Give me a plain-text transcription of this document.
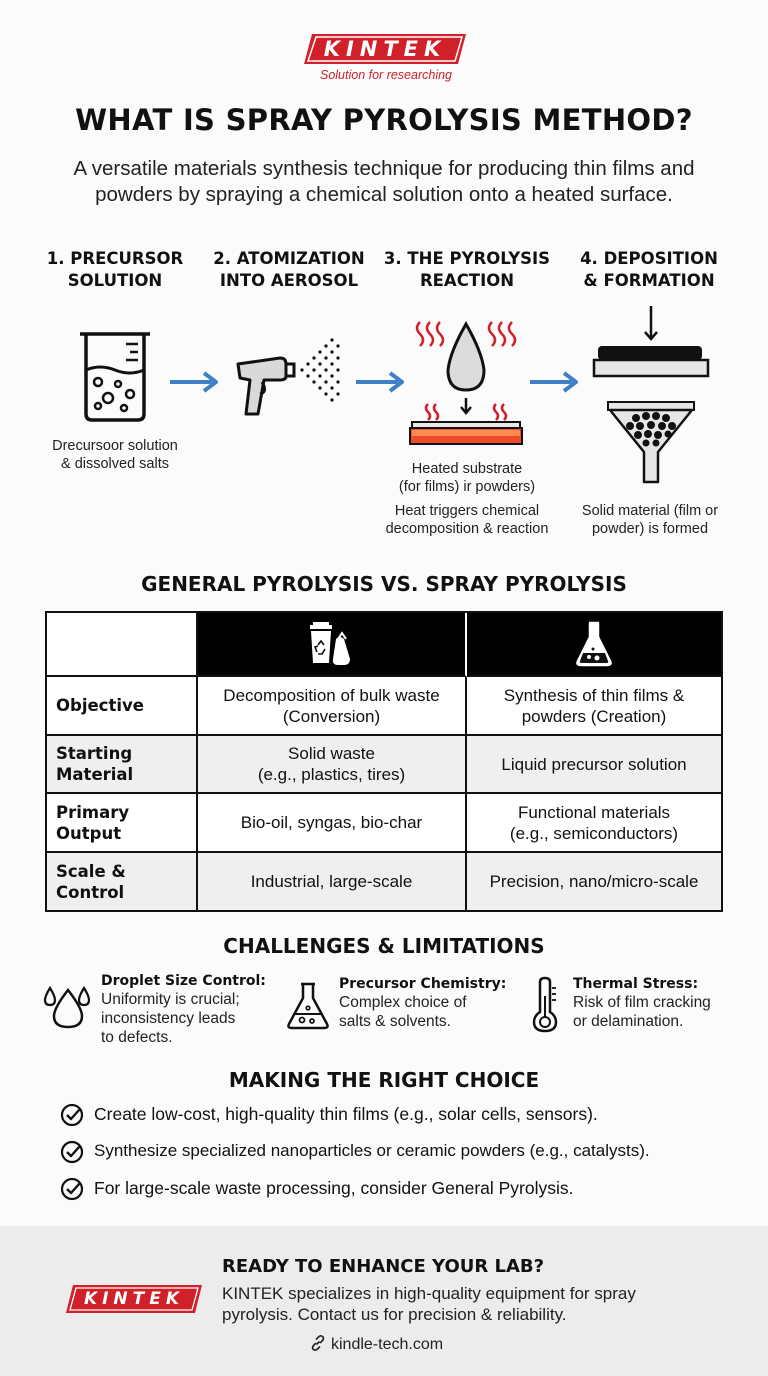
KINTEK
Solution for researching
WHAT IS SPRAY PYROLYSIS METHOD?
A versatile materials synthesis technique for producing thin films and powders by spraying a chemical solution onto a heated surface.
1. PRECURSOR
SOLUTION
2. ATOMIZATION
INTO AEROSOL
3. THE PYROLYSIS
REACTION
4. DEPOSITION
& FORMATION
Drecursoor solution
& dissolved salts	Heated substrate
(for films) ir powders)
Heat triggers chemical
decomposition & reaction
Solid material (film or
powder) is formed
GENERAL PYROLYSIS VS. SPRAY PYROLYSIS
Objective
Decomposition of bulk waste
(Conversion)
Synthesis of thin films &
powders (Creation)
Starting
Material
Solid waste
(e.g., plastics, tires)
Liquid precursor solution
Primary
Output
Bio-oil, syngas, bio-char
Functional materials
(e.g., semiconductors)
Scale &
Control
Industrial, large-scale	Precision, nano/micro-scale
CHALLENGES & LIMITATIONS
Droplet Size Control:
Uniformity is crucial;
inconsistency leads
to defects.
Precursor Chemistry:
Complex choice of
salts & solvents.
Thermal Stress:
Risk of film cracking
or delamination.
MAKING THE RIGHT CHOICE
Create low-cost, high-quality thin films (e.g., solar cells, sensors).
Synthesize specialized nanoparticles or ceramic powders (e.g., catalysts).
For large-scale waste processing, consider General Pyrolysis.
KINTEK
READY TO ENHANCE YOUR LAB?
KINTEK specializes in high-quality equipment for spray
pyrolysis. Contact us for precision & reliability.
kindle-tech.com
